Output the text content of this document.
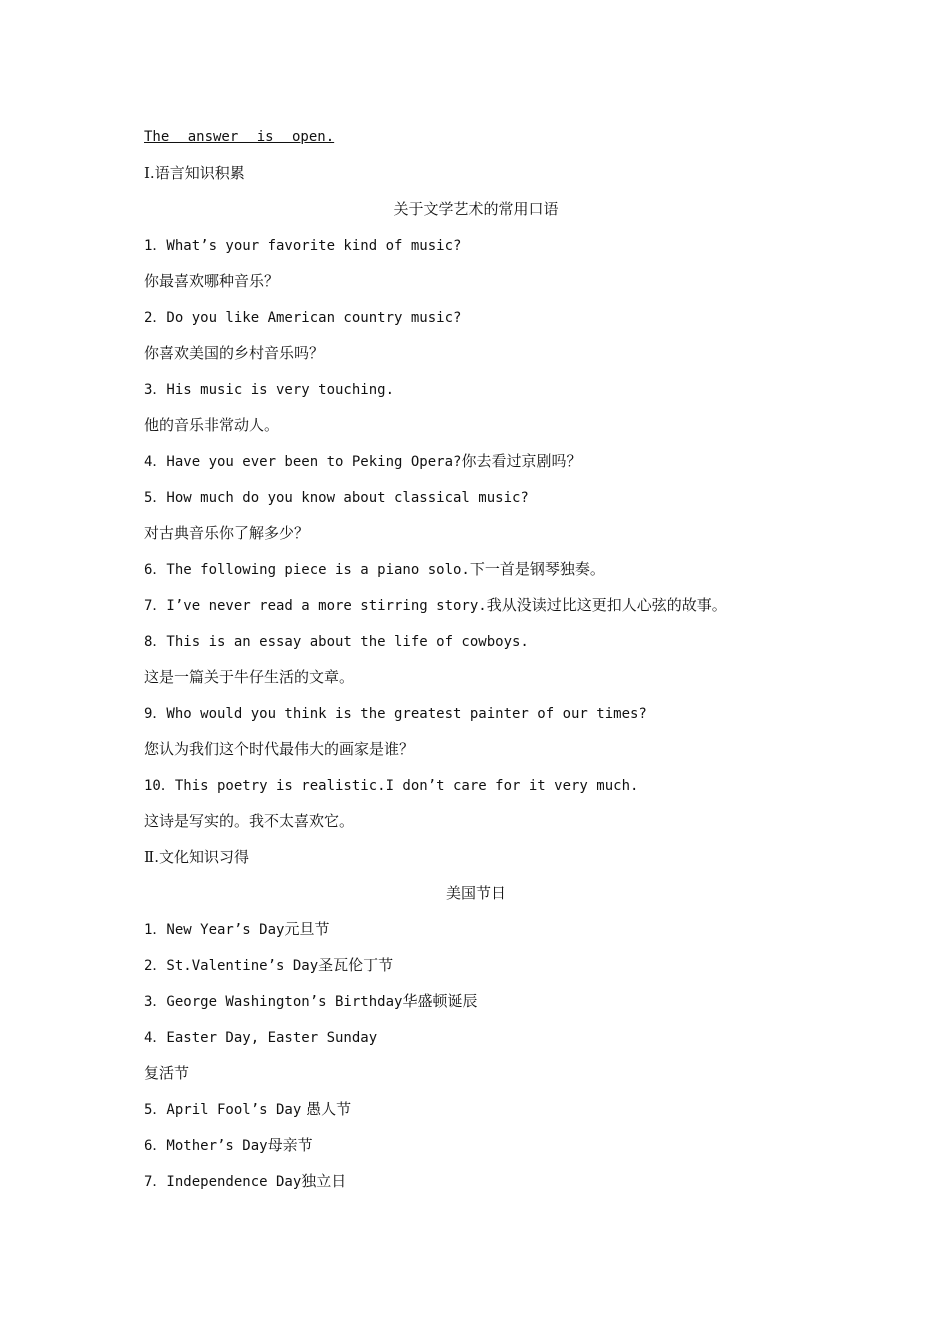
The answer is open.
Ⅰ.语言知识积累
关于文学艺术的常用口语
1．What’s your favorite kind of music?
你最喜欢哪种音乐？
2．Do you like American country music?
你喜欢美国的乡村音乐吗？
3．His music is very touching.
他的音乐非常动人。
4．Have you ever been to Peking Opera?你去看过京剧吗？
5．How much do you know about classical music?
对古典音乐你了解多少？
6．The following piece is a piano solo.下一首是钢琴独奏。
7．I’ve never read a more stirring story.我从没读过比这更扣人心弦的故事。
8．This is an essay about the life of cowboys.
这是一篇关于牛仔生活的文章。
9．Who would you think is the greatest painter of our times?
您认为我们这个时代最伟大的画家是谁？
10．This poetry is realistic.I don’t care for it very much.
这诗是写实的。我不太喜欢它。
Ⅱ.文化知识习得
美国节日
1．New Year’s Day元旦节
2．St.Valentine’s Day圣瓦伦丁节
3．George Washington’s Birthday华盛顿诞辰
4．Easter Day, Easter Sunday
复活节
5．April Fool’s Day 愚人节
6．Mother’s Day母亲节
7．Independence Day独立日
